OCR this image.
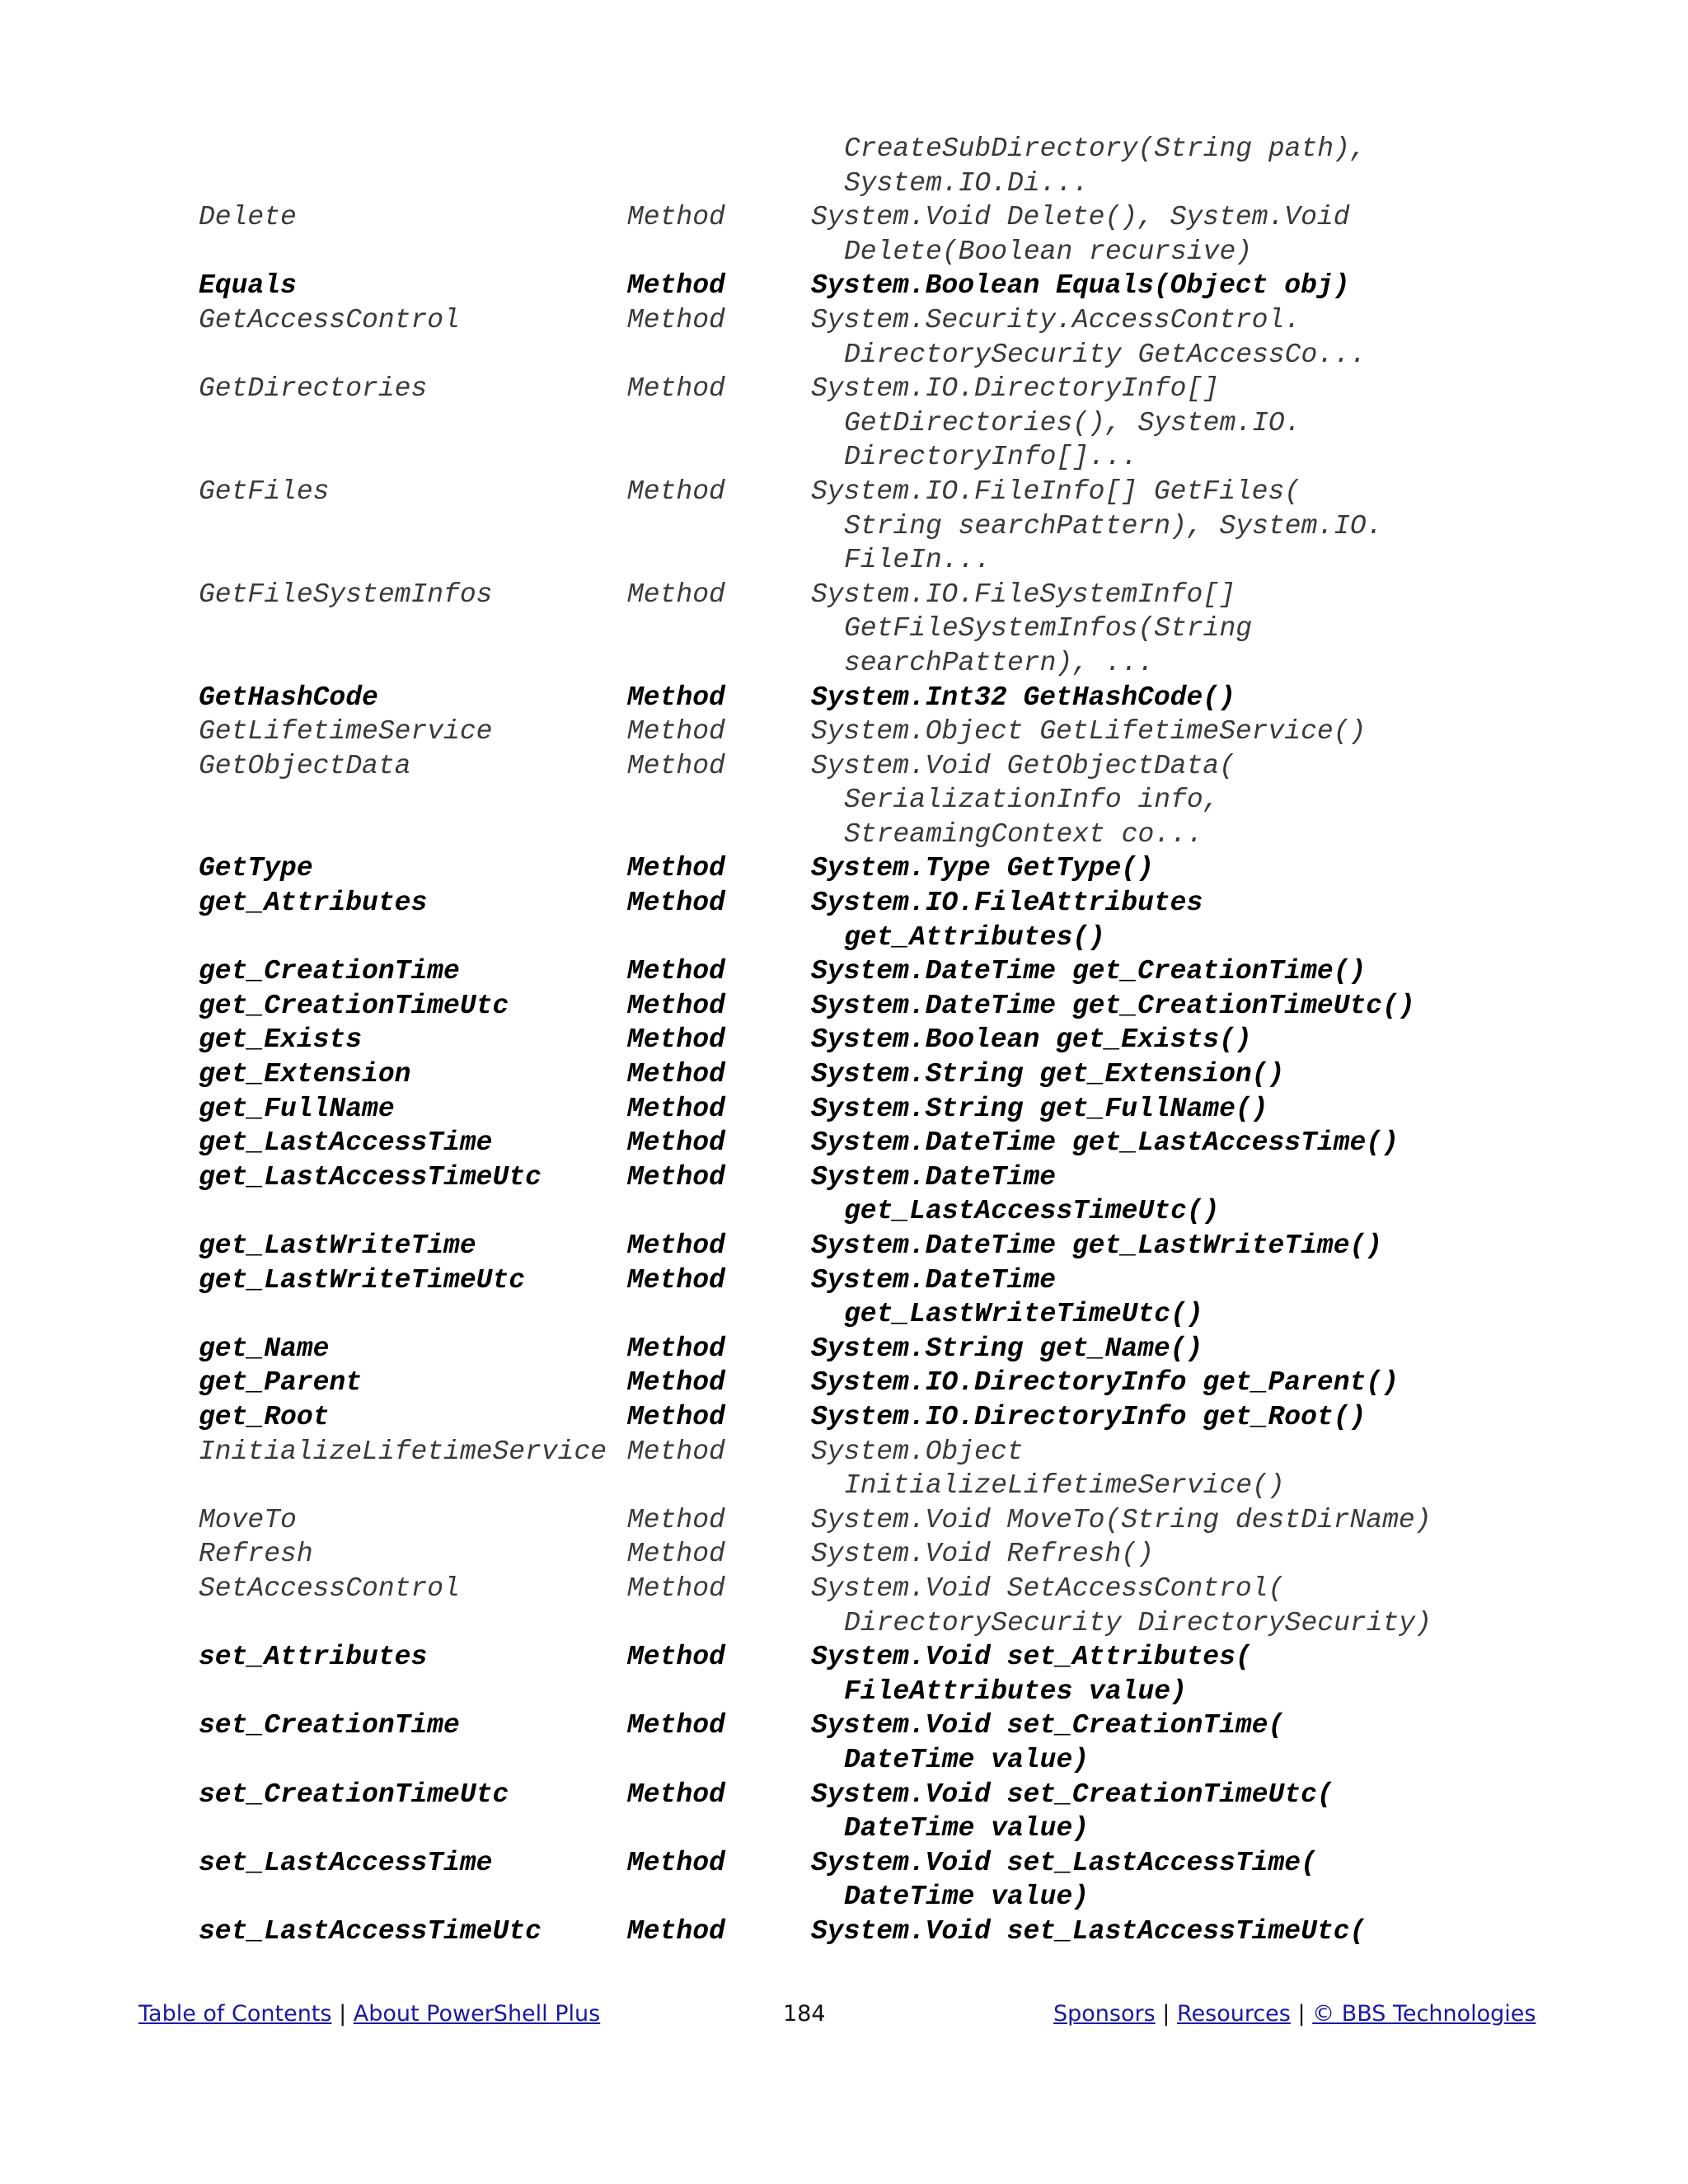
CreateSubDirectory(String path),
System.IO.Di...
Delete	Method	System.Void Delete(), System.Void
Delete(Boolean recursive)
Equals	Method	System.Boolean Equals(Object obj)
GetAccessControl	Method	System.Security.AccessControl.
DirectorySecurity GetAccessCo...
GetDirectories	Method	System.IO.DirectoryInfo[]
GetDirectories(), System.IO.
DirectoryInfo[]...
GetFiles	Method	System.IO.FileInfo[] GetFiles(
String searchPattern), System.IO.
FileIn...
GetFileSystemInfos	Method	System.IO.FileSystemInfo[]
GetFileSystemInfos(String
searchPattern), ...
GetHashCode	Method	System.Int32 GetHashCode()
GetLifetimeService	Method	System.Object GetLifetimeService()
GetObjectData	Method	System.Void GetObjectData(
SerializationInfo info,
StreamingContext co...
GetType	Method	System.Type GetType()
get_Attributes	Method	System.IO.FileAttributes
get_Attributes()
get_CreationTime	Method	System.DateTime get_CreationTime()
get_CreationTimeUtc	Method	System.DateTime get_CreationTimeUtc()
get_Exists	Method	System.Boolean get_Exists()
get_Extension	Method	System.String get_Extension()
get_FullName	Method	System.String get_FullName()
get_LastAccessTime	Method	System.DateTime get_LastAccessTime()
get_LastAccessTimeUtc	Method	System.DateTime
get_LastAccessTimeUtc()
get_LastWriteTime	Method	System.DateTime get_LastWriteTime()
get_LastWriteTimeUtc	Method	System.DateTime
get_LastWriteTimeUtc()
get_Name	Method	System.String get_Name()
get_Parent	Method	System.IO.DirectoryInfo get_Parent()
get_Root	Method	System.IO.DirectoryInfo get_Root()
InitializeLifetimeService Method	System.Object
InitializeLifetimeService()
MoveTo	Method	System.Void MoveTo(String destDirName)
Refresh	Method	System.Void Refresh()
SetAccessControl	Method	System.Void SetAccessControl(
DirectorySecurity DirectorySecurity)
set_Attributes	Method	System.Void set_Attributes(
FileAttributes value)
set_CreationTime	Method	System.Void set_CreationTime(
DateTime value)
set_CreationTimeUtc	Method	System.Void set_CreationTimeUtc(
DateTime value)
set_LastAccessTime	Method	System.Void set_LastAccessTime(
DateTime value)
set_LastAccessTimeUtc	Method	System.Void set_LastAccessTimeUtc(
Table of Contents | About PowerShell Plus	184	Sponsors | Resources | © BBS Technologies
